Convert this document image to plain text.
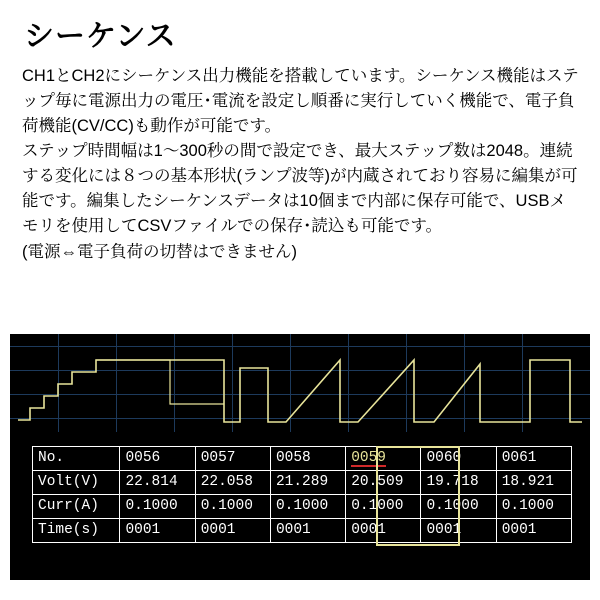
シーケンス

CH1とCH2にシーケンス出力機能を搭載しています。シーケンス機能はステップ毎に電源出力の電圧･電流を設定し順番に実行していく機能で、電子負荷機能(CV/CC)も動作が可能です。

ステップ時間幅は1～300秒の間で設定でき、最大ステップ数は2048。連続する変化には８つの基本形状(ランプ波等)が内蔵されており容易に編集が可能です。編集したシーケンスデータは10個まで内部に保存可能で、USBメモリを使用してCSVファイルでの保存･読込も可能です。

(電源⇔電子負荷の切替はできません)

No.	0056	0057	0058	0059	0060	0061
Volt(V)	22.814	22.058	21.289	20.509	19.718	18.921
Curr(A)	0.1000	0.1000	0.1000	0.1000	0.1000	0.1000
Time(s)	0001	0001	0001	0001	0001	0001
